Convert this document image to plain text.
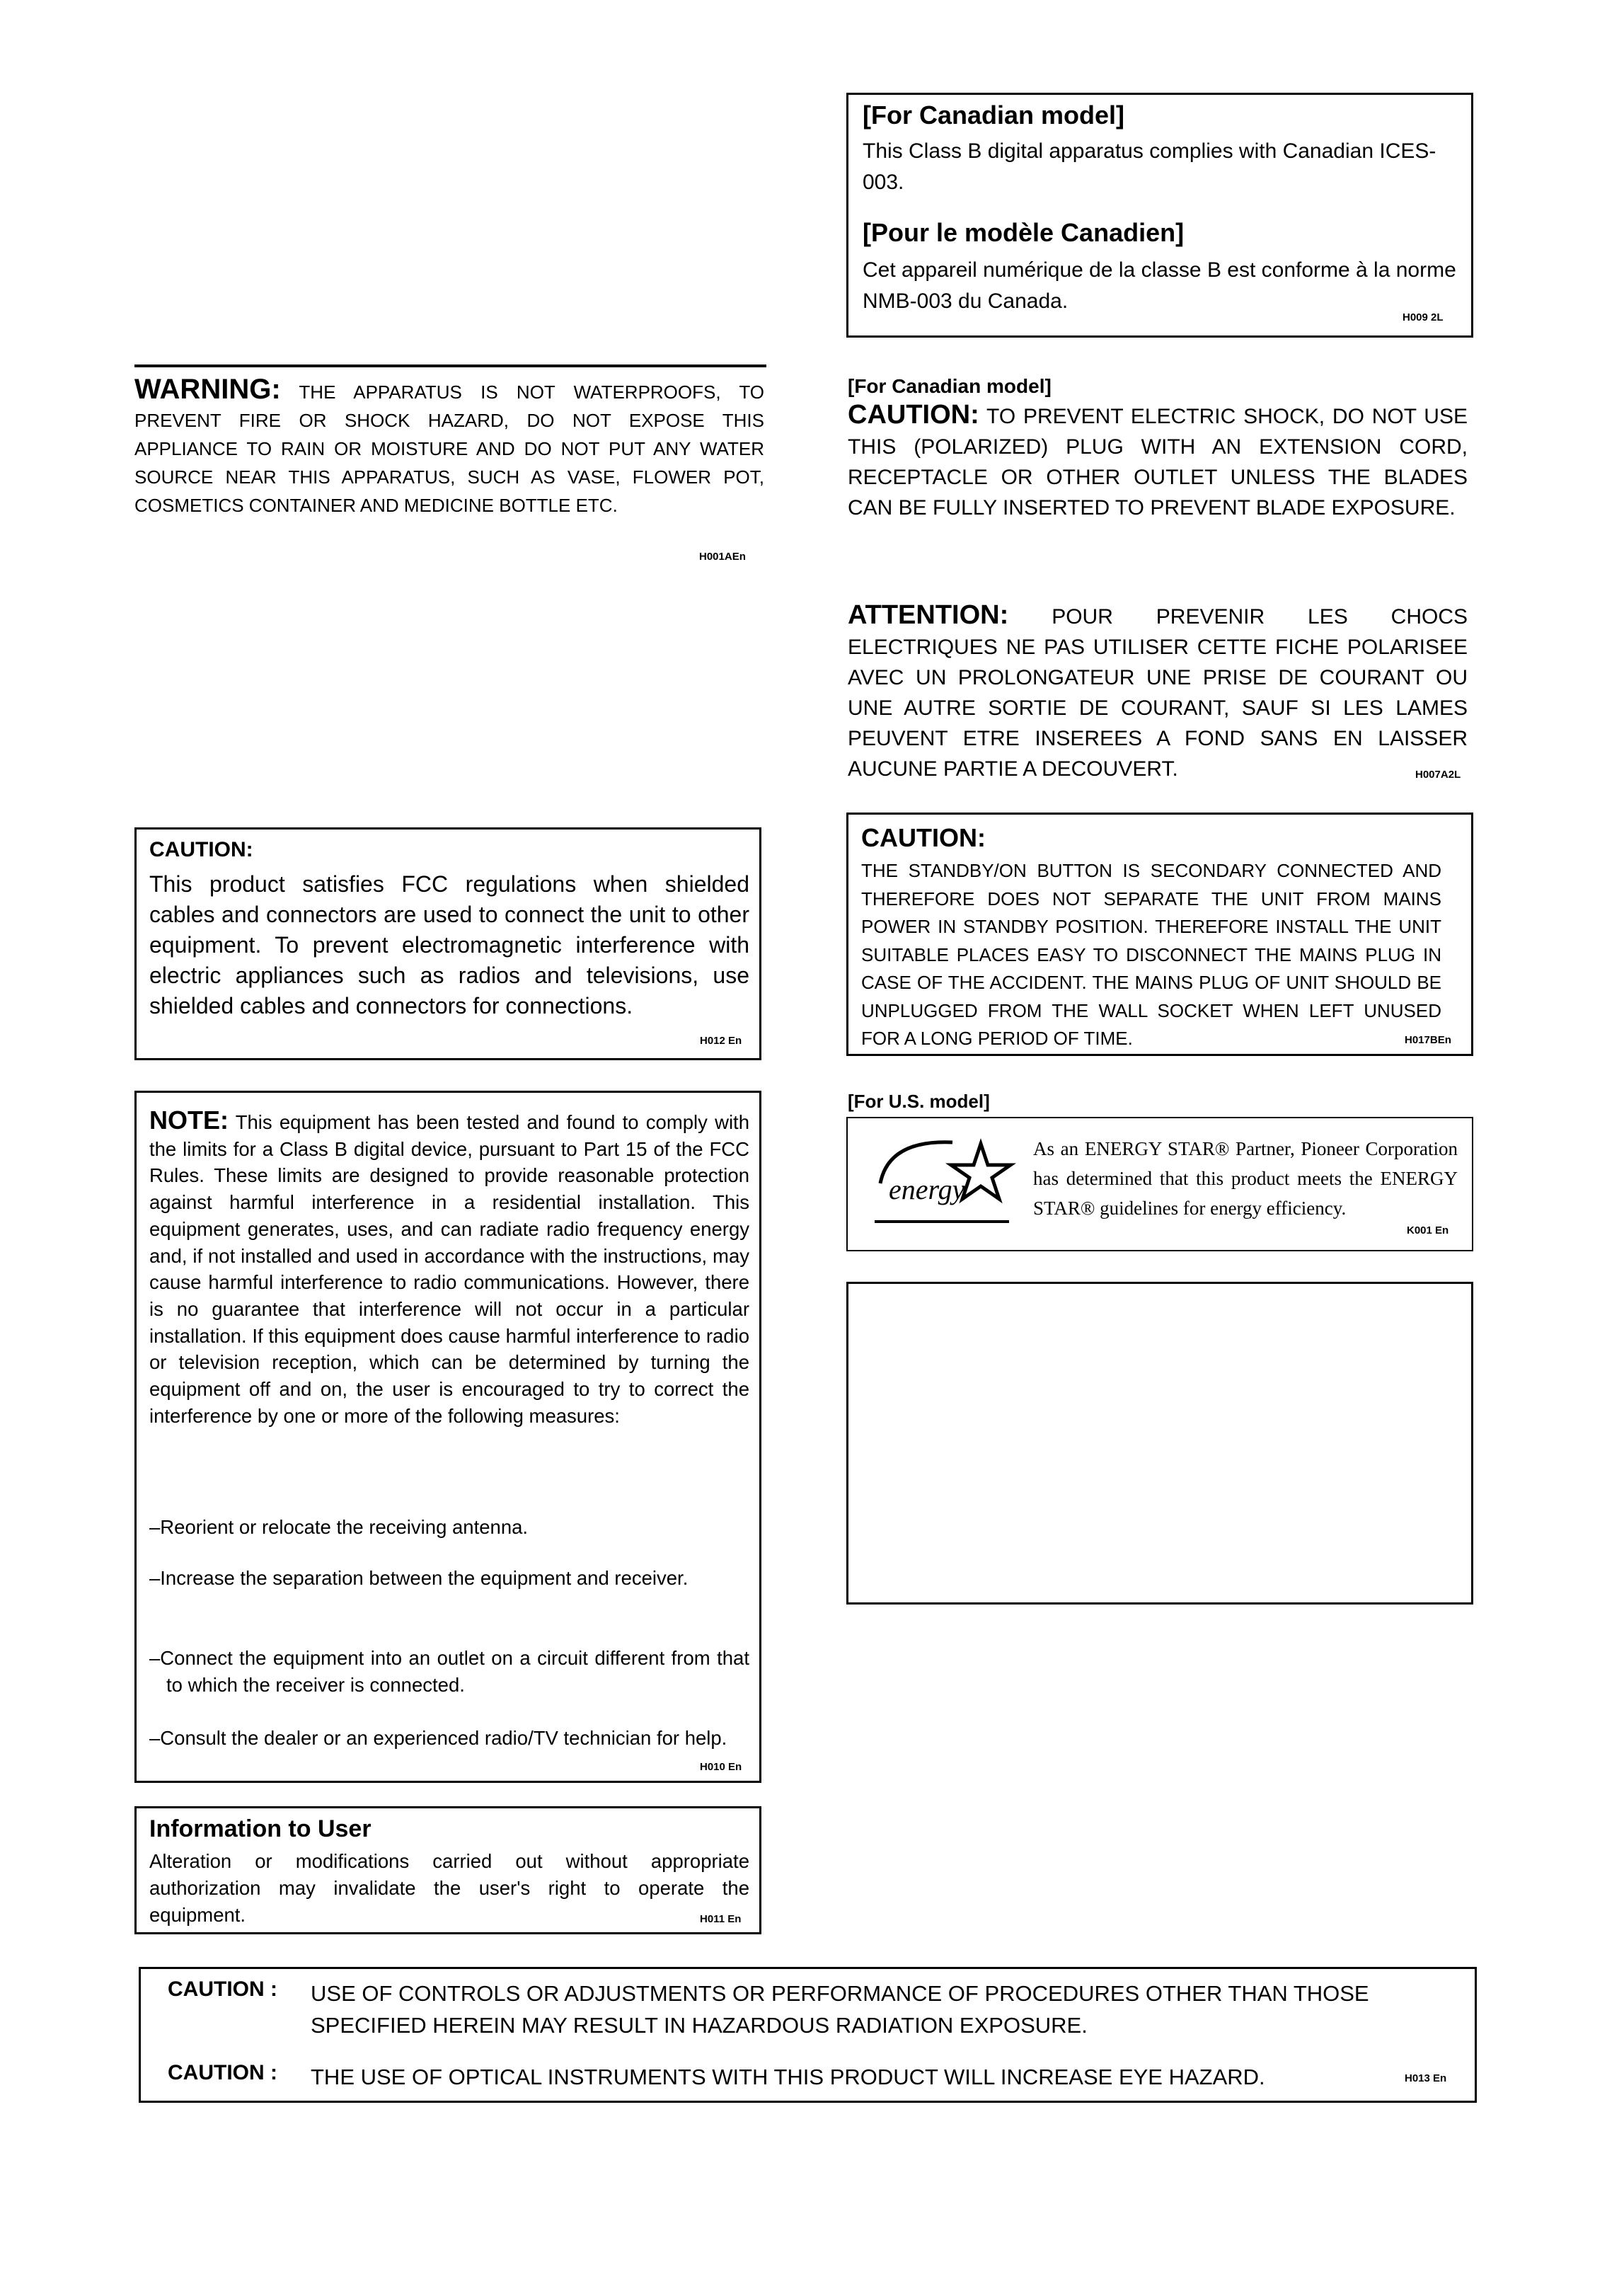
[For Canadian model]
This Class B digital apparatus complies with Canadian ICES-003.
[Pour le modèle Canadien]
Cet appareil numérique de la classe B est conforme à la norme NMB-003 du Canada.
H009 2L
WARNING: THE APPARATUS IS NOT WATERPROOFS, TO PREVENT FIRE OR SHOCK HAZARD, DO NOT EXPOSE THIS APPLIANCE TO RAIN OR MOISTURE AND DO NOT PUT ANY WATER SOURCE NEAR THIS APPARATUS, SUCH AS VASE, FLOWER POT, COSMETICS CONTAINER AND MEDICINE BOTTLE ETC.
H001AEn
[For Canadian model]
CAUTION: TO PREVENT ELECTRIC SHOCK, DO NOT USE THIS (POLARIZED) PLUG WITH AN EXTENSION CORD, RECEPTACLE OR OTHER OUTLET UNLESS THE BLADES CAN BE FULLY INSERTED TO PREVENT BLADE EXPOSURE.
ATTENTION: POUR PREVENIR LES CHOCS ELECTRIQUES NE PAS UTILISER CETTE FICHE POLARISEE AVEC UN PROLONGATEUR UNE PRISE DE COURANT OU UNE AUTRE SORTIE DE COURANT, SAUF SI LES LAMES PEUVENT ETRE INSEREES A FOND SANS EN LAISSER AUCUNE PARTIE A DECOUVERT.	H007A2L
CAUTION:
This product satisfies FCC regulations when shielded cables and connectors are used to connect the unit to other equipment. To prevent electromagnetic interference with electric appliances such as radios and televisions, use shielded cables and connectors for connections.
H012 En
CAUTION:
THE STANDBY/ON BUTTON IS SECONDARY CONNECTED AND THEREFORE DOES NOT SEPARATE THE UNIT FROM MAINS POWER IN STANDBY POSITION. THEREFORE INSTALL THE UNIT SUITABLE PLACES EASY TO DISCONNECT THE MAINS PLUG IN CASE OF THE ACCIDENT. THE MAINS PLUG OF UNIT SHOULD BE UNPLUGGED FROM THE WALL SOCKET WHEN LEFT UNUSED FOR A LONG PERIOD OF TIME.	H017BEn
[For U.S. model]
energy
As an ENERGY STAR® Partner, Pioneer Corporation has determined that this product meets the ENERGY STAR® guidelines for energy efficiency.
K001 En
NOTE: This equipment has been tested and found to comply with the limits for a Class B digital device, pursuant to Part 15 of the FCC Rules. These limits are designed to provide reasonable protection against harmful interference in a residential installation. This equipment generates, uses, and can radiate radio frequency energy and, if not installed and used in accordance with the instructions, may cause harmful interference to radio communications. However, there is no guarantee that interference will not occur in a particular installation. If this equipment does cause harmful interference to radio or television reception, which can be determined by turning the equipment off and on, the user is encouraged to try to correct the interference by one or more of the following measures:
–Reorient or relocate the receiving antenna.
–Increase the separation between the equipment and receiver.
–Connect the equipment into an outlet on a circuit different from that to which the receiver is connected.
–Consult the dealer or an experienced radio/TV technician for help.
H010 En
Information to User
Alteration or modifications carried out without appropriate authorization may invalidate the user's right to operate the equipment.	H011 En
CAUTION : USE OF CONTROLS OR ADJUSTMENTS OR PERFORMANCE OF PROCEDURES OTHER THAN THOSE SPECIFIED HEREIN MAY RESULT IN HAZARDOUS RADIATION EXPOSURE.
CAUTION : THE USE OF OPTICAL INSTRUMENTS WITH THIS PRODUCT WILL INCREASE EYE HAZARD.	H013 En
